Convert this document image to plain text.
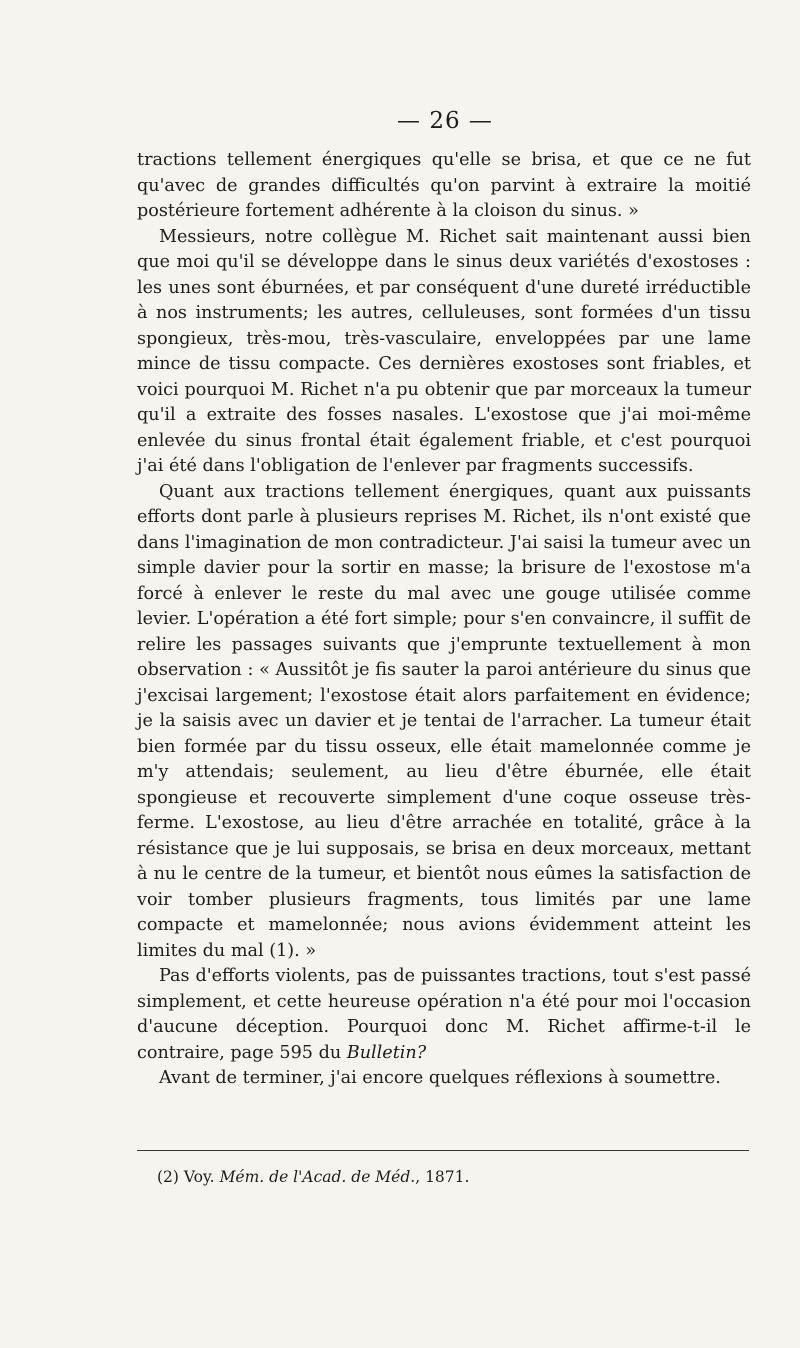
— 26 —

tractions tellement énergiques qu'elle se brisa, et que ce ne fut qu'avec de grandes difficultés qu'on parvint à extraire la moitié postérieure fortement adhérente à la cloison du sinus. »

Messieurs, notre collègue M. Richet sait maintenant aussi bien que moi qu'il se développe dans le sinus deux variétés d'exostoses : les unes sont éburnées, et par conséquent d'une dureté irréductible à nos instruments; les autres, celluleuses, sont formées d'un tissu spongieux, très-mou, très-vasculaire, enveloppées par une lame mince de tissu compacte. Ces dernières exostoses sont friables, et voici pourquoi M. Richet n'a pu obtenir que par morceaux la tumeur qu'il a extraite des fosses nasales. L'exostose que j'ai moi-même enlevée du sinus frontal était également friable, et c'est pourquoi j'ai été dans l'obligation de l'enlever par fragments successifs.

Quant aux tractions tellement énergiques, quant aux puissants efforts dont parle à plusieurs reprises M. Richet, ils n'ont existé que dans l'imagination de mon contradicteur. J'ai saisi la tumeur avec un simple davier pour la sortir en masse; la brisure de l'exostose m'a forcé à enlever le reste du mal avec une gouge utilisée comme levier. L'opération a été fort simple; pour s'en convaincre, il suffit de relire les passages suivants que j'emprunte textuellement à mon observation : « Aussitôt je fis sauter la paroi antérieure du sinus que j'excisai largement; l'exostose était alors parfaitement en évidence; je la saisis avec un davier et je tentai de l'arracher. La tumeur était bien formée par du tissu osseux, elle était mamelonnée comme je m'y attendais; seulement, au lieu d'être éburnée, elle était spongieuse et recouverte simplement d'une coque osseuse très-ferme. L'exostose, au lieu d'être arrachée en totalité, grâce à la résistance que je lui supposais, se brisa en deux morceaux, mettant à nu le centre de la tumeur, et bientôt nous eûmes la satisfaction de voir tomber plusieurs fragments, tous limités par une lame compacte et mamelonnée; nous avions évidemment atteint les limites du mal (1). »

Pas d'efforts violents, pas de puissantes tractions, tout s'est passé simplement, et cette heureuse opération n'a été pour moi l'occasion d'aucune déception. Pourquoi donc M. Richet affirme-t-il le contraire, page 595 du Bulletin?

Avant de terminer, j'ai encore quelques réflexions à soumettre.

(2) Voy. Mém. de l'Acad. de Méd., 1871.
